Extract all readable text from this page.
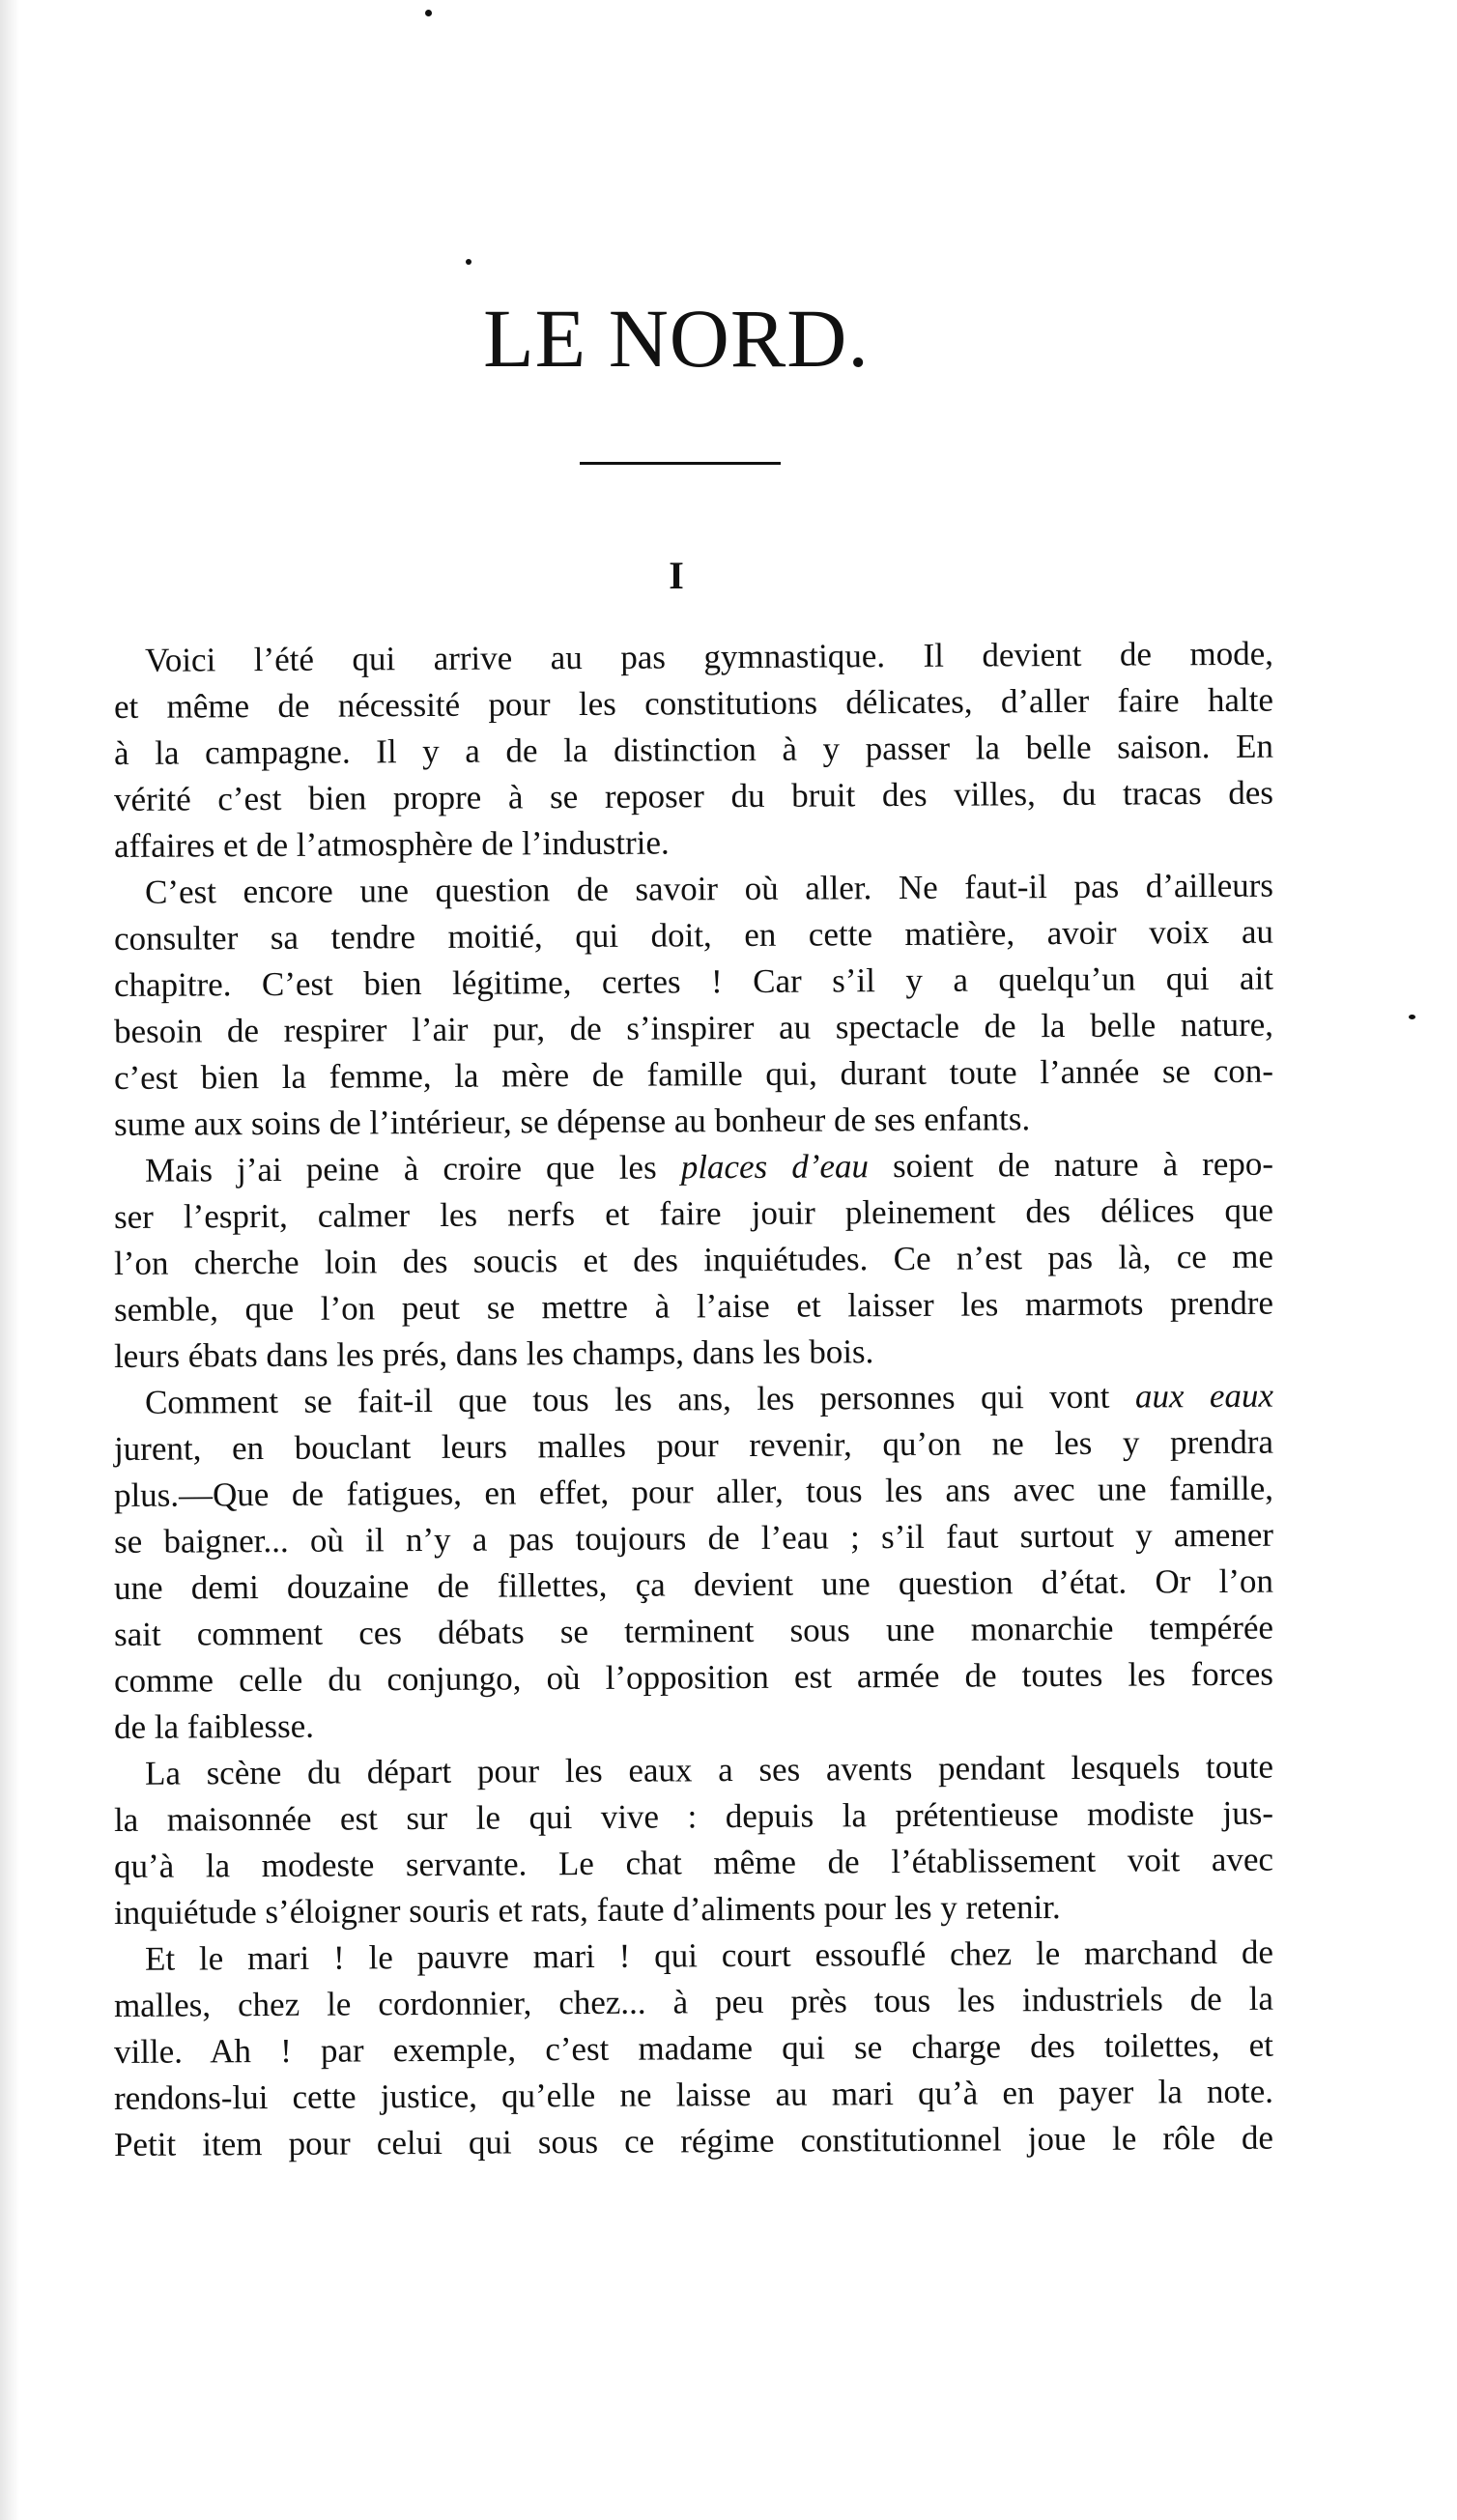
LE NORD.
I
Voici l’été qui arrive au pas gymnastique. Il devient de mode,
et même de nécessité pour les constitutions délicates, d’aller faire halte
à la campagne. Il y a de la distinction à y passer la belle saison. En
vérité c’est bien propre à se reposer du bruit des villes, du tracas des
affaires et de l’atmosphère de l’industrie.
C’est encore une question de savoir où aller. Ne faut-il pas d’ailleurs
consulter sa tendre moitié, qui doit, en cette matière, avoir voix au
chapitre. C’est bien légitime, certes ! Car s’il y a quelqu’un qui ait
besoin de respirer l’air pur, de s’inspirer au spectacle de la belle nature,
c’est bien la femme, la mère de famille qui, durant toute l’année se con-
sume aux soins de l’intérieur, se dépense au bonheur de ses enfants.
Mais j’ai peine à croire que les places d’eau soient de nature à repo-
ser l’esprit, calmer les nerfs et faire jouir pleinement des délices que
l’on cherche loin des soucis et des inquiétudes. Ce n’est pas là, ce me
semble, que l’on peut se mettre à l’aise et laisser les marmots prendre
leurs ébats dans les prés, dans les champs, dans les bois.
Comment se fait-il que tous les ans, les personnes qui vont aux eaux
jurent, en bouclant leurs malles pour revenir, qu’on ne les y prendra
plus.—Que de fatigues, en effet, pour aller, tous les ans avec une famille,
se baigner... où il n’y a pas toujours de l’eau ; s’il faut surtout y amener
une demi douzaine de fillettes, ça devient une question d’état. Or l’on
sait comment ces débats se terminent sous une monarchie tempérée
comme celle du conjungo, où l’opposition est armée de toutes les forces
de la faiblesse.
La scène du départ pour les eaux a ses avents pendant lesquels toute
la maisonnée est sur le qui vive : depuis la prétentieuse modiste jus-
qu’à la modeste servante. Le chat même de l’établissement voit avec
inquiétude s’éloigner souris et rats, faute d’aliments pour les y retenir.
Et le mari ! le pauvre mari ! qui court essouflé chez le marchand de
malles, chez le cordonnier, chez... à peu près tous les industriels de la
ville. Ah ! par exemple, c’est madame qui se charge des toilettes, et
rendons-lui cette justice, qu’elle ne laisse au mari qu’à en payer la note.
Petit item pour celui qui sous ce régime constitutionnel joue le rôle de
